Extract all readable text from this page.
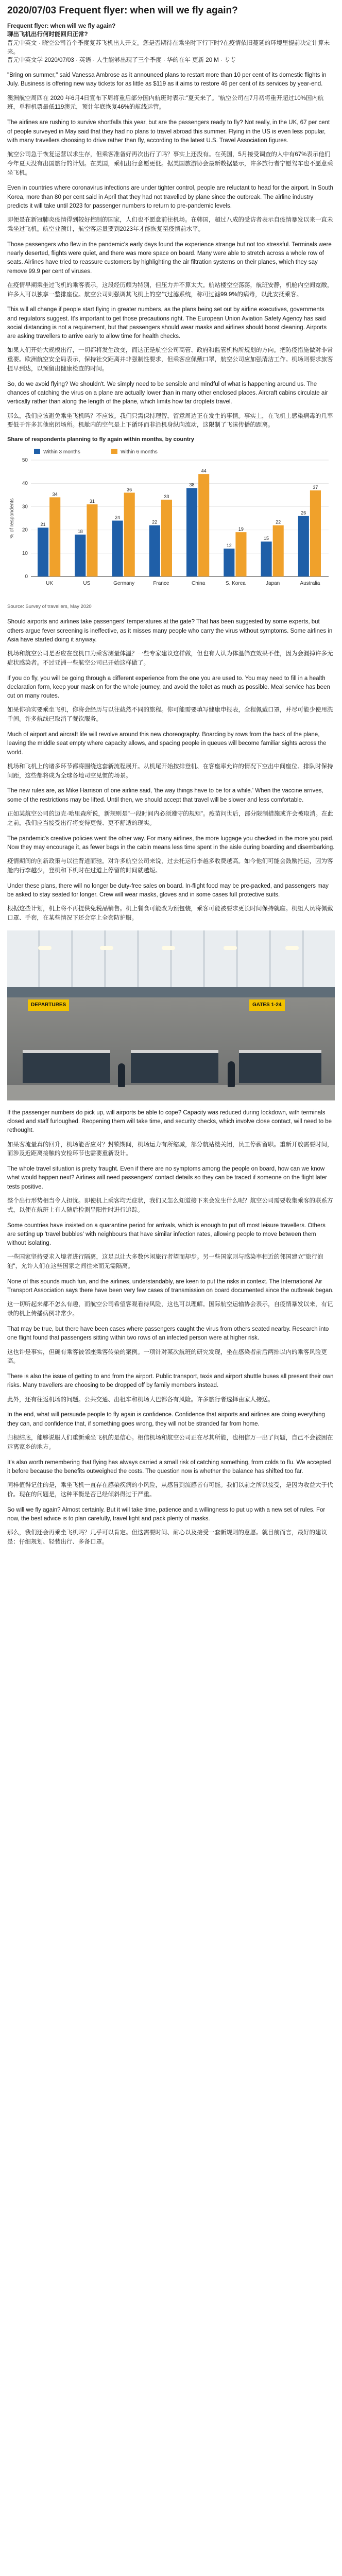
2020/07/03 Frequent flyer: when will we fly again?

Frequent flyer: when will we fly again?

聊出飞机出行何时能回归正常?

晋元中英文 · 晓空公司首个季度复苏飞机出人开支。您是否期待在乘坐时下行下时?在疫情依旧蔓延的环境里提前决定计算未来。

晋元中英文学 2020/07/03 · 英语 · 人生能够出现了三个季度 · 华的在年 更新 20 M · 专专

"Bring on summer," said Vanessa Ambrose as it announced plans to restart more than 10 per cent of its domestic flights in July. Business is offering new way tickets for as little as $119 as it aims to restore 46 per cent of its services by year-end.

澳洲航空周四在 2020 年6月4日宣布下周将重启部分国内航班时表示:"夏天来了。"航空公司在7月初将重开超过10%国内航班，单程机票最低119澳元，预计年底恢复46%的航线运营。

The airlines are rushing to survive shortfalls this year, but are the passengers ready to fly? Not really, in the UK, 67 per cent of people surveyed in May said that they had no plans to travel abroad this summer. Flying in the US is even less popular, with many travellers choosing to drive rather than fly, according to the latest U.S. Travel Association figures.

航空公司急于恢复运营以求生存，但乘客准备好再次出行了吗？事实上还没有。在英国，5月接受调查的人中有67%表示他们今年夏天没有出国旅行的计划。在美国，乘机出行意愿更低。据美国旅游协会最新数据显示，许多旅行者宁愿驾车也不愿意乘坐飞机。

Even in countries where coronavirus infections are under tighter control, people are reluctant to head for the airport. In South Korea, more than 80 per cent said in April that they had not travelled by plane since the outbreak. The airline industry predicts it will take until 2023 for passenger numbers to return to pre-pandemic levels.

即便是在新冠肺炎疫情得到较好控制的国家，人们也不愿意前往机场。在韩国，超过八成的受访者表示自疫情暴发以来一直未乘坐过飞机。航空业预计，航空客运量要到2023年才能恢复至疫情前水平。

Those passengers who flew in the pandemic's early days found the experience strange but not too stressful. Terminals were nearly deserted, flights were quiet, and there was more space on board. Many were able to stretch across a whole row of seats. Airlines have tried to reassure customers by highlighting the air filtration systems on their planes, which they say remove 99.9 per cent of viruses.

在疫情早期乘坐过飞机的乘客表示，这段经历颇为特别，但压力并不算太大。航站楼空空荡荡，航班安静，机舱内空间宽敞，许多人可以独享一整排座位。航空公司则强调其飞机上的空气过滤系统，称可过滤99.9%的病毒，以此安抚乘客。

This will all change if people start flying in greater numbers, as the plans being set out by airline executives, governments and regulators suggest. It's important to get those precautions right. The European Union Aviation Safety Agency has said social distancing is not a requirement, but that passengers should wear masks and airlines should boost cleaning. Airports are asking travellers to arrive early to allow time for health checks.

如果人们开始大规模出行，一切都将发生改变，而这正是航空公司高管、政府和监管机构所规划的方向。把防疫措施做对非常重要。欧洲航空安全局表示，保持社交距离并非强制性要求，但乘客应佩戴口罩，航空公司应加强清洁工作。机场则要求旅客提早到达，以预留出健康检查的时间。

So, do we avoid flying? We shouldn't. We simply need to be sensible and mindful of what is happening around us. The chances of catching the virus on a plane are actually lower than in many other enclosed places. Aircraft cabins circulate air vertically rather than along the length of the plane, which limits how far droplets travel.

那么，我们应该避免乘坐飞机吗？不应该。我们只需保持理智，留意周边正在发生的事情。事实上，在飞机上感染病毒的几率要低于许多其他密闭场所。机舱内的空气是上下循环而非沿机身纵向流动，这限制了飞沫传播的距离。

Share of respondents planning to fly again within months, by country
0
10
20
30
40
50
% of respondents	21
34
UK
18
31
US
24
36
Germany
22
33
France
38
44
China
12
19
S. Korea
15
22
Japan
26
37
Australia
Within 3 months	Within 6 months
Source: Survey of travellers, May 2020

Should airports and airlines take passengers' temperatures at the gate? That has been suggested by some experts, but others argue fever screening is ineffective, as it misses many people who carry the virus without symptoms. Some airlines in Asia have started doing it anyway.

机场和航空公司是否应在登机口为乘客测量体温？一些专家建议这样做，但也有人认为体温筛查效果不佳，因为会漏掉许多无症状感染者。不过亚洲一些航空公司已开始这样做了。

If you do fly, you will be going through a different experience from the one you are used to. You may need to fill in a health declaration form, keep your mask on for the whole journey, and avoid the toilet as much as possible. Meal service has been cut on many routes.

如果你确实要乘坐飞机，你将会经历与以往截然不同的旅程。你可能需要填写健康申报表，全程佩戴口罩，并尽可能少使用洗手间。许多航线已取消了餐饮服务。

Much of airport and aircraft life will revolve around this new choreography. Boarding by rows from the back of the plane, leaving the middle seat empty where capacity allows, and spacing people in queues will become familiar sights across the world.

机场和飞机上的诸多环节都将围绕这套新流程展开。从机尾开始按排登机、在客座率允许的情况下空出中间座位、排队时保持间距，这些都将成为全球各地司空见惯的场景。

The new rules are, as Mike Harrison of one airline said, 'the way things have to be for a while.' When the vaccine arrives, some of the restrictions may be lifted. Until then, we should accept that travel will be slower and less comfortable.

正如某航空公司的迈克·哈里森所说，新规则是"一段时间内必须遵守的规矩"。疫苗问世后，部分限制措施或许会被取消。在此之前，我们应当接受出行将变得更慢、更不舒适的现实。

The pandemic's creative policies went the other way. For many airlines, the more luggage you checked in the more you paid. Now they may encourage it, as fewer bags in the cabin means less time spent in the aisle during boarding and disembarking.

疫情期间的创新政策与以往背道而驰。对许多航空公司来说，过去托运行李越多收费越高。如今他们可能会鼓励托运，因为客舱内行李越少，登机和下机时在过道上停留的时间就越短。

Under these plans, there will no longer be duty-free sales on board. In-flight food may be pre-packed, and passengers may be asked to stay seated for longer. Crew will wear masks, gloves and in some cases full protective suits.

根据这些计划，机上将不再提供免税品销售。机上餐食可能改为预包装，乘客可能被要求更长时间保持就座。机组人员将佩戴口罩、手套，在某些情况下还会穿上全套防护服。

DEPARTURES	GATES 1-24

If the passenger numbers do pick up, will airports be able to cope? Capacity was reduced during lockdown, with terminals closed and staff furloughed. Reopening them will take time, and security checks, which involve close contact, will need to be rethought.

如果客流量真的回升，机场能否应对？封锁期间，机场运力有所缩减，部分航站楼关闭，员工停薪留职。重新开放需要时间，而涉及近距离接触的安检环节也需要重新设计。

The whole travel situation is pretty fraught. Even if there are no symptoms among the people on board, how can we know what would happen next? Airlines will need passengers' contact details so they can be traced if someone on the flight later tests positive.

整个出行形势相当令人担忧。即使机上乘客均无症状，我们又怎么知道接下来会发生什么呢？航空公司需要收集乘客的联系方式，以便在航班上有人随后检测呈阳性时进行追踪。

Some countries have insisted on a quarantine period for arrivals, which is enough to put off most leisure travellers. Others are setting up 'travel bubbles' with neighbours that have similar infection rates, allowing people to move between them without isolating.

一些国家坚持要求入境者进行隔离，这足以让大多数休闲旅行者望而却步。另一些国家则与感染率相近的邻国建立"旅行泡泡"，允许人们在这些国家之间往来而无需隔离。

None of this sounds much fun, and the airlines, understandably, are keen to put the risks in context. The International Air Transport Association says there have been very few cases of transmission on board documented since the outbreak began.

这一切听起来都不怎么有趣，而航空公司希望客观看待风险，这也可以理解。国际航空运输协会表示，自疫情暴发以来，有记录的机上传播病例非常少。

That may be true, but there have been cases where passengers caught the virus from others seated nearby. Research into one flight found that passengers sitting within two rows of an infected person were at higher risk.

这也许是事实，但确有乘客被邻座乘客传染的案例。一项针对某次航班的研究发现，坐在感染者前后两排以内的乘客风险更高。

There is also the issue of getting to and from the airport. Public transport, taxis and airport shuttle buses all present their own risks. Many travellers are choosing to be dropped off by family members instead.

此外，还有往返机场的问题。公共交通、出租车和机场大巴都各有风险。许多旅行者选择由家人接送。

In the end, what will persuade people to fly again is confidence. Confidence that airports and airlines are doing everything they can, and confidence that, if something goes wrong, they will not be stranded far from home.

归根结底，能够说服人们重新乘坐飞机的是信心。相信机场和航空公司正在尽其所能，也相信万一出了问题，自己不会被困在远离家乡的地方。

It's also worth remembering that flying has always carried a small risk of catching something, from colds to flu. We accepted it before because the benefits outweighed the costs. The question now is whether the balance has shifted too far.

同样值得记住的是，乘坐飞机一直存在感染疾病的小风险，从感冒到流感皆有可能。我们以前之所以接受，是因为收益大于代价。现在的问题是，这种平衡是否已经倾斜得过于严重。

So will we fly again? Almost certainly. But it will take time, patience and a willingness to put up with a new set of rules. For now, the best advice is to plan carefully, travel light and pack plenty of masks.

那么，我们还会再乘坐飞机吗？几乎可以肯定。但这需要时间、耐心以及接受一套新规则的意愿。就目前而言，最好的建议是：仔细规划、轻装出行、多备口罩。
